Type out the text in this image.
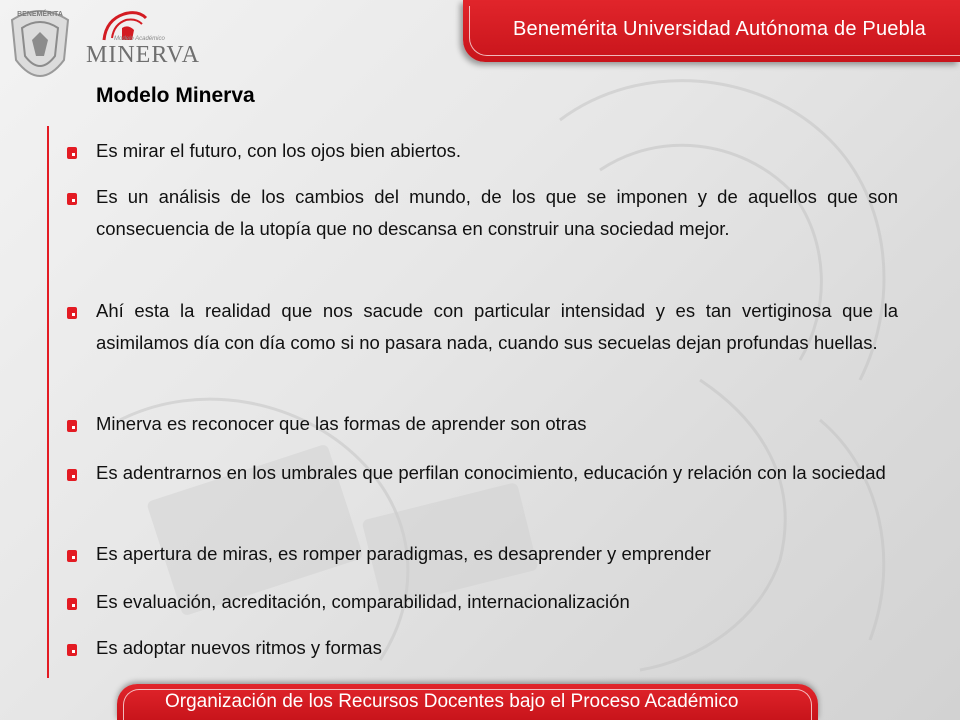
BENEMÉRITA
Modelo Académico
MINERVA
Benemérita Universidad Autónoma de Puebla
Modelo Minerva
Es mirar el futuro, con los ojos bien abiertos.
Es un análisis de los cambios del mundo, de los que se imponen y de aquellos que son consecuencia de la utopía que no descansa en construir una sociedad mejor.
Ahí esta la realidad que nos sacude con particular intensidad y es tan vertiginosa que la asimilamos día con día como si no pasara nada, cuando sus secuelas dejan profundas huellas.
Minerva es reconocer que las formas de aprender son otras
Es adentrarnos en los umbrales que perfilan conocimiento, educación y relación con la sociedad
Es apertura de miras, es romper paradigmas, es desaprender y emprender
Es evaluación, acreditación, comparabilidad, internacionalización
Es adoptar nuevos ritmos y formas
Organización de los Recursos Docentes bajo el Proceso Académico
